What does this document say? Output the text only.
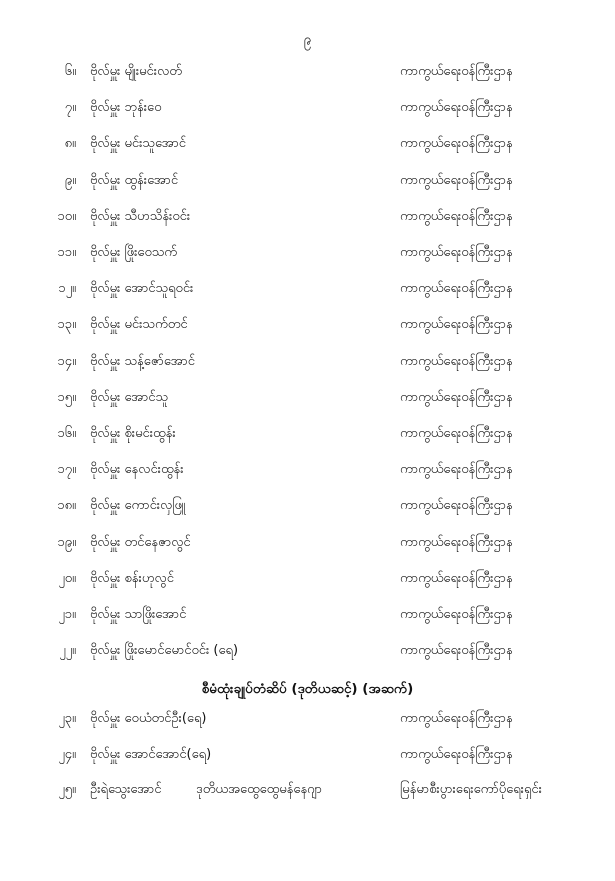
၉
၆။ ဗိုလ်မှူး မျိုးမင်းလတ်	ကာကွယ်ရေးဝန်ကြီးဌာန
၇။ ဗိုလ်မှူး ဘုန်းဝေ	ကာကွယ်ရေးဝန်ကြီးဌာန
၈။ ဗိုလ်မှူး မင်းသူအောင်	ကာကွယ်ရေးဝန်ကြီးဌာန
၉။ ဗိုလ်မှူး ထွန်းအောင်	ကာကွယ်ရေးဝန်ကြီးဌာန
၁၀။ ဗိုလ်မှူး သီဟသိန်းဝင်း	ကာကွယ်ရေးဝန်ကြီးဌာန
၁၁။ ဗိုလ်မှူး ဖြိုးဝေသက်	ကာကွယ်ရေးဝန်ကြီးဌာန
၁၂။ ဗိုလ်မှူး အောင်သူရဝင်း	ကာကွယ်ရေးဝန်ကြီးဌာန
၁၃။ ဗိုလ်မှူး မင်းသက်တင်	ကာကွယ်ရေးဝန်ကြီးဌာန
၁၄။ ဗိုလ်မှူး သန့်ဇော်အောင်	ကာကွယ်ရေးဝန်ကြီးဌာန
၁၅။ ဗိုလ်မှူး အောင်သူ	ကာကွယ်ရေးဝန်ကြီးဌာန
၁၆။ ဗိုလ်မှူး စိုးမင်းထွန်း	ကာကွယ်ရေးဝန်ကြီးဌာန
၁၇။ ဗိုလ်မှူး နေလင်းထွန်း	ကာကွယ်ရေးဝန်ကြီးဌာန
၁၈။ ဗိုလ်မှူး ကောင်းလှဖြူ	ကာကွယ်ရေးဝန်ကြီးဌာန
၁၉။ ဗိုလ်မှူး တင်နေဇာလွင်	ကာကွယ်ရေးဝန်ကြီးဌာန
၂၀။ ဗိုလ်မှူး စန်းဟုလွင်	ကာကွယ်ရေးဝန်ကြီးဌာန
၂၁။ ဗိုလ်မှူး သာဖြိုးအောင်	ကာကွယ်ရေးဝန်ကြီးဌာန
၂၂။ ဗိုလ်မှူး ဖြိုးမောင်မောင်ဝင်း (ရေ)	ကာကွယ်ရေးဝန်ကြီးဌာန
စီမံထုံးချုပ်တံဆိပ် (ဒုတိယဆင့်) (အဆက်)
၂၃။ ဗိုလ်မှူး ဝေယံတင်ဦး(ရေ)	ကာကွယ်ရေးဝန်ကြီးဌာန
၂၄။ ဗိုလ်မှူး အောင်အောင်(ရေ)	ကာကွယ်ရေးဝန်ကြီးဌာန
၂၅။ ဦးရဲသွေးအောင်	ဒုတိယအထွေထွေမန်နေဂျာ	မြန်မာစီးပွားရေးကော်ပိုရေးရှင်း
